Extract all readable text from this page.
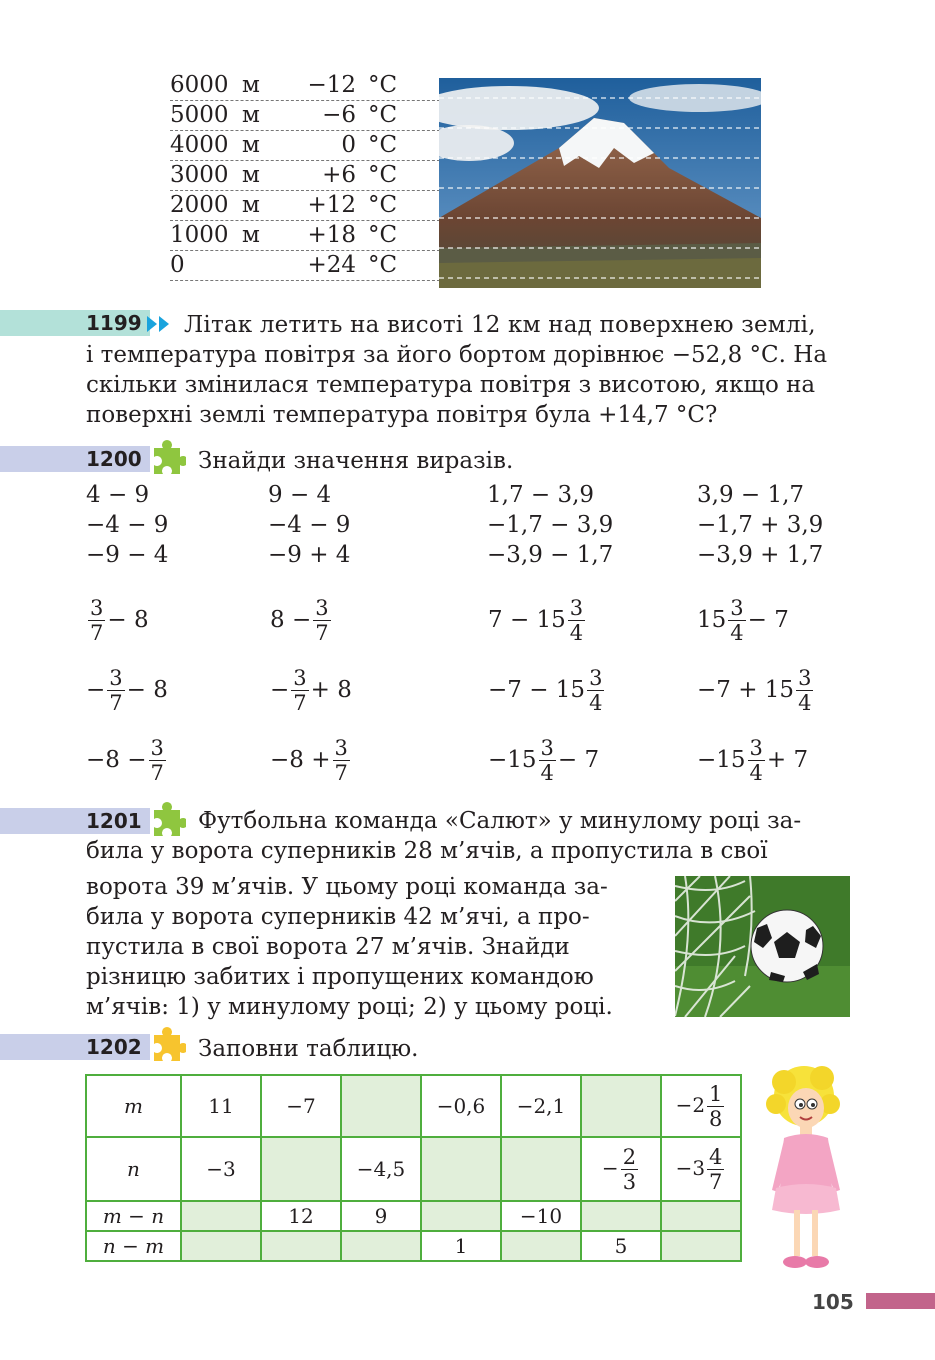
6000 м −12 °C
5000 м	−6 °C
4000 м	0 °C
3000 м	+6 °C
2000 м +12 °C
1000 м +18 °C
0	+24 °C
1199	Літак летить на висоті 12 км над поверхнею землі,
і температура повітря за його бортом дорівнює −52,8 °С. На
скільки змінилася температура повітря з висотою, якщо на
поверхні землі температура повітря була +14,7 °С?
1200 Знайди значення виразів.
4 − 9	9 − 4	1,7 − 3,9	3,9 − 1,7
−4 − 9	−4 − 9	−1,7 − 3,9	−1,7 + 3,9
−9 − 4	−9 + 4	−3,9 − 1,7	−3,9 + 1,7
$\frac{3}{7} - 8$	$8 - \frac{3}{7}$	$7 - 15 \frac{3}{4}$	$15 \frac{3}{4} - 7$
− $\frac{3}{7} - 8$	− $\frac{3}{7} + 8$	$-7 - 15 \frac{3}{4}$	$-7 + 15 \frac{3}{4}$
$-8 - \frac{3}{7}$	$-8 + \frac{3}{7}$	$-15 \frac{3}{4} - 7$	$-15 \frac{3}{4} + 7$
1201	Футбольна команда «Салют» у минулому році за-
била у ворота суперників 28 м’ячів, а пропустила в свої
ворота 39 м’ячів. У цьому році команда за-
била у ворота суперників 42 м’ячі, а про-
пустила в свої ворота 27 м’ячів. Знайди
різницю забитих і пропущених командою
м’ячів: 1) у минулому році; 2) у цьому році.
1202 Заповни таблицю.
m	11	−7		−0,6	−2,1		$-2 \frac{1}{8}$

n	−3		−4,5			− $\frac{2}{3}$	$-3 \frac{4}{7}$

m − n		12	9		−10		
n − m				1		5	
105
